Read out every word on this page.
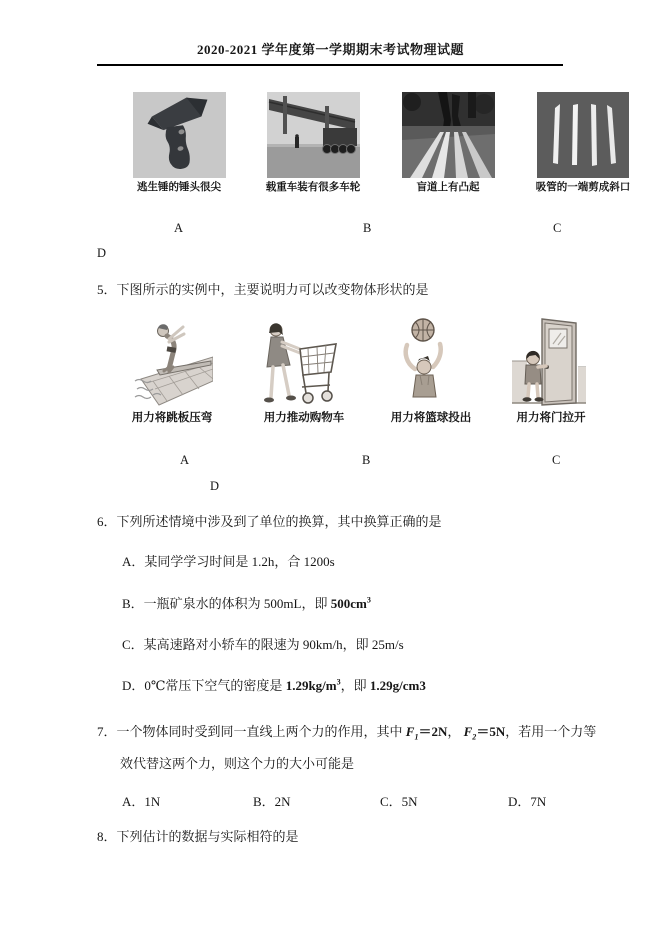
2020-2021 学年度第一学期期末考试物理试题
逃生锤的锤头很尖	载重车装有很多车轮	盲道上有凸起	吸管的一端剪成斜口
A	B	C
D
5．下图所示的实例中，主要说明力可以改变物体形状的是
用力将跳板压弯	用力推动购物车	用力将篮球投出	用力将门拉开
A	B	C
D
6．下列所述情境中涉及到了单位的换算，其中换算正确的是
A．某同学学习时间是 1.2h，合 1200s
B．一瓶矿泉水的体积为 500mL，即 $500cm^3$
C．某高速路对小轿车的限速为 90km/h，即 25m/s
D．0℃常压下空气的密度是 $1.29kg/m^3$，即 1.29g/cm3
7．一个物体同时受到同一直线上两个力的作用，其中 $F_1=2N$， $F_2=5N$，若用一个力等
效代替这两个力，则这个力的大小可能是
A．1N	B．2N	C．5N	D．7N
8．下列估计的数据与实际相符的是
